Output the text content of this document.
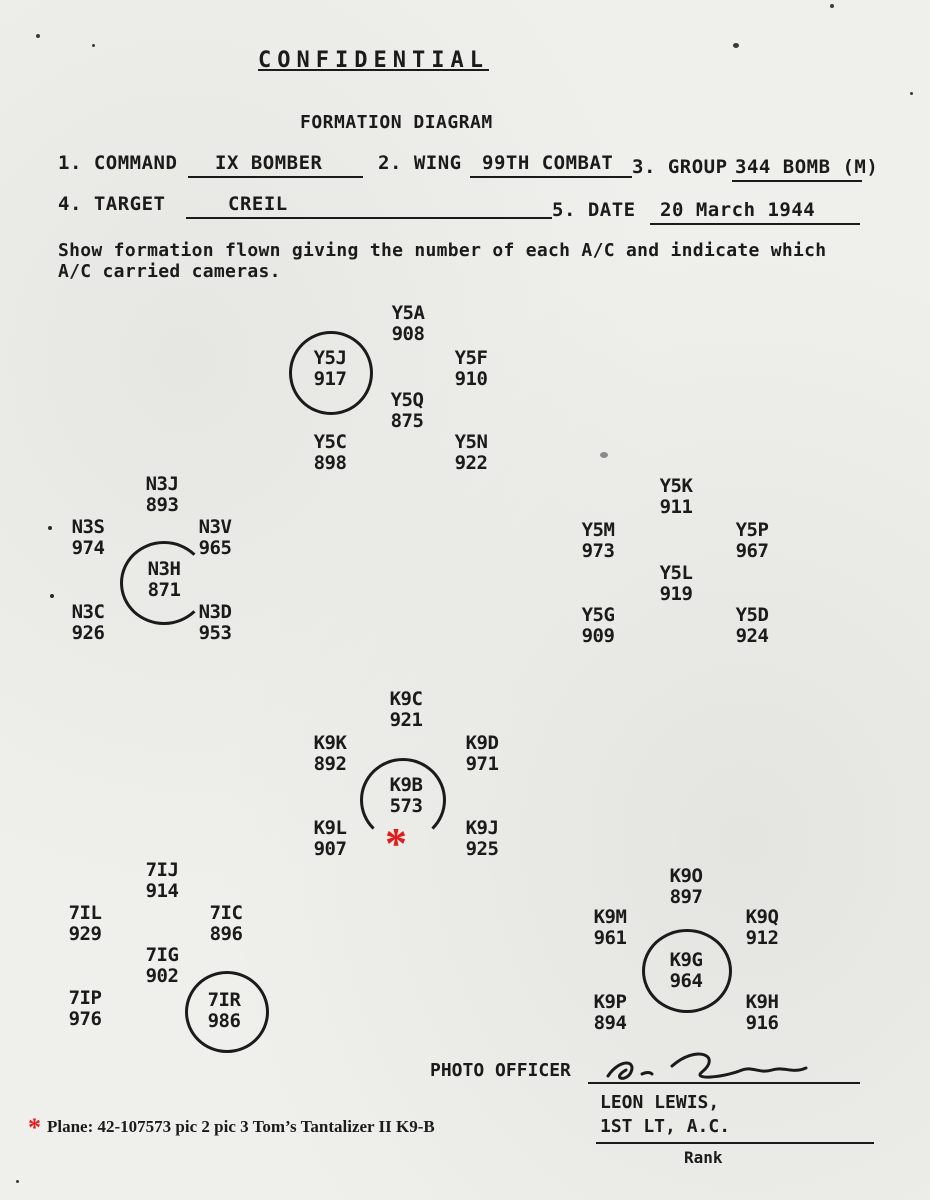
CONFIDENTIAL
FORMATION DIAGRAM
1. COMMAND IX BOMBER	2. WING 99TH COMBAT 3. GROUP 344 BOMB (M)
4. TARGET	CREIL	5. DATE 20 March 1944
Show formation flown giving the number of each A/C and indicate which A/C carried cameras.
Y5A
908
Y5J
917
Y5F
910
Y5Q
875
Y5C
898
Y5N
922
N3J
893
N3S
974
N3V
965
N3H
871
N3C
926
N3D
953
Y5K
911
Y5M
973
Y5P
967
Y5L
919
Y5G
909
Y5D
924
K9C
921
K9K
892
K9D
971
K9B
573
*
K9L
907
K9J
925
7IJ
914
7IL
929
7IC
896
7IG
902
7IP
976
7IR
986
K9O
897
K9M
961
K9Q
912
K9G
964
K9P
894
K9H
916
PHOTO OFFICER
LEON LEWIS,
1ST LT, A.C.
Rank
* Plane: 42-107573 pic 2 pic 3 Tom’s Tantalizer II K9-B
